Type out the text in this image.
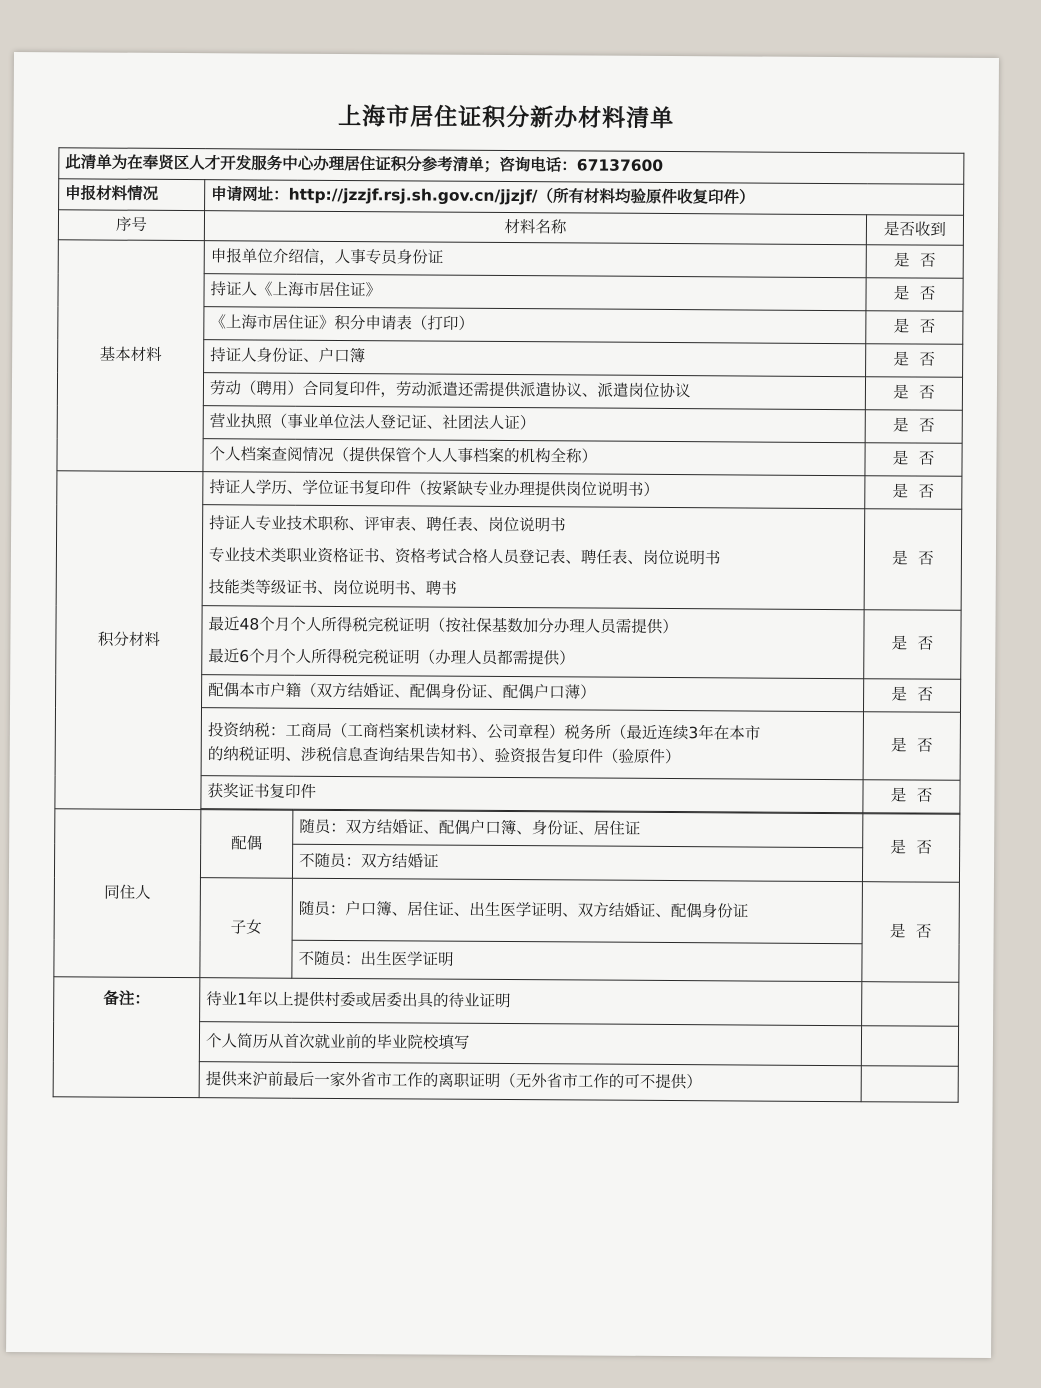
上海市居住证积分新办材料清单
此清单为在奉贤区人才开发服务中心办理居住证积分参考清单；咨询电话：67137600			
申报材料情况	申请网址：http://jzzjf.rsj.sh.gov.cn/jjzjf/（所有材料均验原件收复印件）		
序号	材料名称		是否收到
基本材料	申报单位介绍信，人事专员身份证		是 否
	持证人《上海市居住证》		是 否
	《上海市居住证》积分申请表（打印）		是 否
	持证人身份证、户口簿		是 否
	劳动（聘用）合同复印件，劳动派遣还需提供派遣协议、派遣岗位协议		是 否
	营业执照（事业单位法人登记证、社团法人证）		是 否
	个人档案查阅情况（提供保管个人人事档案的机构全称）		是 否
积分材料	持证人学历、学位证书复印件（按紧缺专业办理提供岗位说明书）		是 否

	持证人专业技术职称、评审表、聘任表、岗位说明书
专业技术类职业资格证书、资格考试合格人员登记表、聘任表、岗位说明书
技能类等级证书、岗位说明书、聘书		是 否

	最近48个月个人所得税完税证明（按社保基数加分办理人员需提供）
最近6个月个人所得税完税证明（办理人员都需提供）		是 否
	配偶本市户籍（双方结婚证、配偶身份证、配偶户口薄）		是 否

	投资纳税：工商局（工商档案机读材料、公司章程）税务所（最近连续3年在本市
的纳税证明、涉税信息查询结果告知书）、验资报告复印件（验原件）		是 否
	获奖证书复印件		是 否

同住人	配偶	随员：双方结婚证、配偶户口簿、身份证、居住证	是 否
		不随员：双方结婚证	
	子女	随员：户口簿、居住证、出生医学证明、双方结婚证、配偶身份证	是 否
		不随员：出生医学证明	
备注：	待业1年以上提供村委或居委出具的待业证明		
	个人简历从首次就业前的毕业院校填写		
	提供来沪前最后一家外省市工作的离职证明（无外省市工作的可不提供）		
